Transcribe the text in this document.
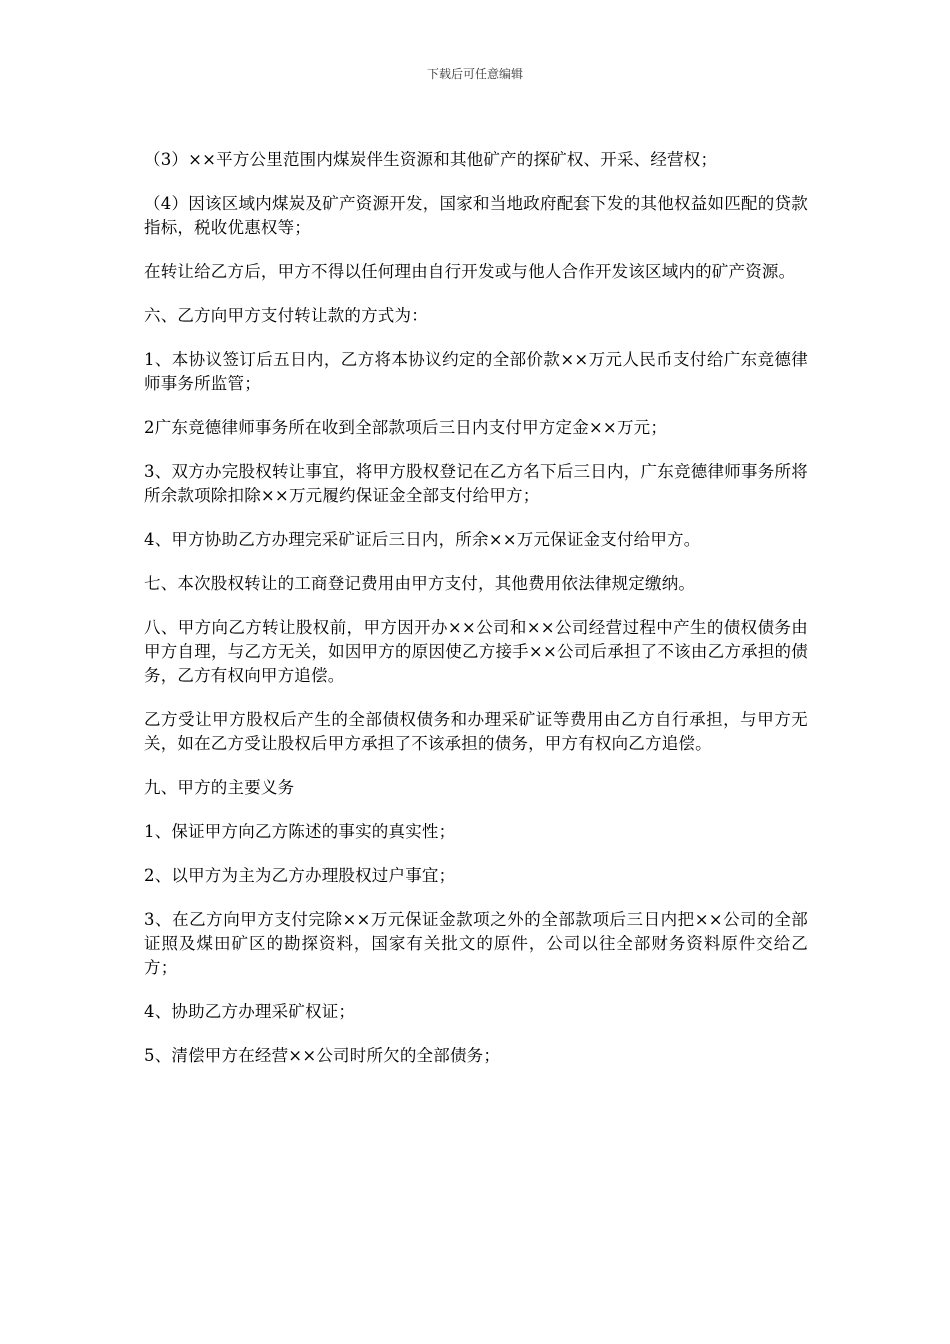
下载后可任意编辑

（3）××平方公里范围内煤炭伴生资源和其他矿产的探矿权、开采、经营权；

（4）因该区域内煤炭及矿产资源开发，国家和当地政府配套下发的其他权益如匹配的贷款指标，税收优惠权等；

在转让给乙方后，甲方不得以任何理由自行开发或与他人合作开发该区域内的矿产资源。

六、乙方向甲方支付转让款的方式为：

1、本协议签订后五日内，乙方将本协议约定的全部价款××万元人民币支付给广东竞德律师事务所监管；

2广东竞德律师事务所在收到全部款项后三日内支付甲方定金××万元；

3、双方办完股权转让事宜，将甲方股权登记在乙方名下后三日内，广东竞德律师事务所将所余款项除扣除××万元履约保证金全部支付给甲方；

4、甲方协助乙方办理完采矿证后三日内，所余××万元保证金支付给甲方。

七、本次股权转让的工商登记费用由甲方支付，其他费用依法律规定缴纳。

八、甲方向乙方转让股权前，甲方因开办××公司和××公司经营过程中产生的债权债务由甲方自理，与乙方无关，如因甲方的原因使乙方接手××公司后承担了不该由乙方承担的债务，乙方有权向甲方追偿。

乙方受让甲方股权后产生的全部债权债务和办理采矿证等费用由乙方自行承担，与甲方无关，如在乙方受让股权后甲方承担了不该承担的债务，甲方有权向乙方追偿。

九、甲方的主要义务

1、保证甲方向乙方陈述的事实的真实性；

2、以甲方为主为乙方办理股权过户事宜；

3、在乙方向甲方支付完除××万元保证金款项之外的全部款项后三日内把××公司的全部证照及煤田矿区的勘探资料，国家有关批文的原件，公司以往全部财务资料原件交给乙方；

4、协助乙方办理采矿权证；

5、清偿甲方在经营××公司时所欠的全部债务；
